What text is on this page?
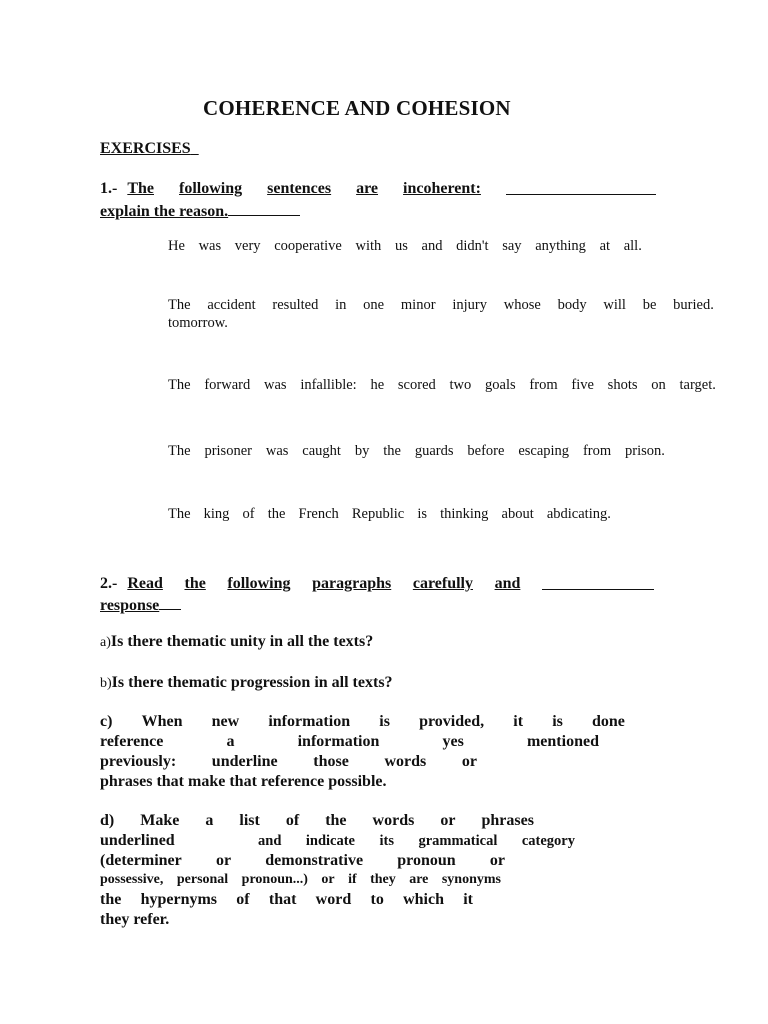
COHERENCE AND COHESION
EXERCISES
1.- The following sentences are incoherent:
explain the reason.
He was very cooperative with us and didn't say anything at all.
The accident resulted in one minor injury whose body will be buried.
tomorrow.
The forward was infallible: he scored two goals from five shots on target.
The prisoner was caught by the guards before escaping from prison.
The king of the French Republic is thinking about abdicating.
2.- Read the following paragraphs carefully and
response
a)Is there thematic unity in all the texts?
b)Is there thematic progression in all texts?
c) When new information is provided, it is done
reference	a	information	yes	mentioned
previously: underline those words or
phrases that make that reference possible.
d) Make a list of the words or phrases
underlined	and indicate its grammatical category
(determiner or demonstrative pronoun or
possessive, personal pronoun...) or if they are synonyms
the hypernyms of that word to which it
they refer.
